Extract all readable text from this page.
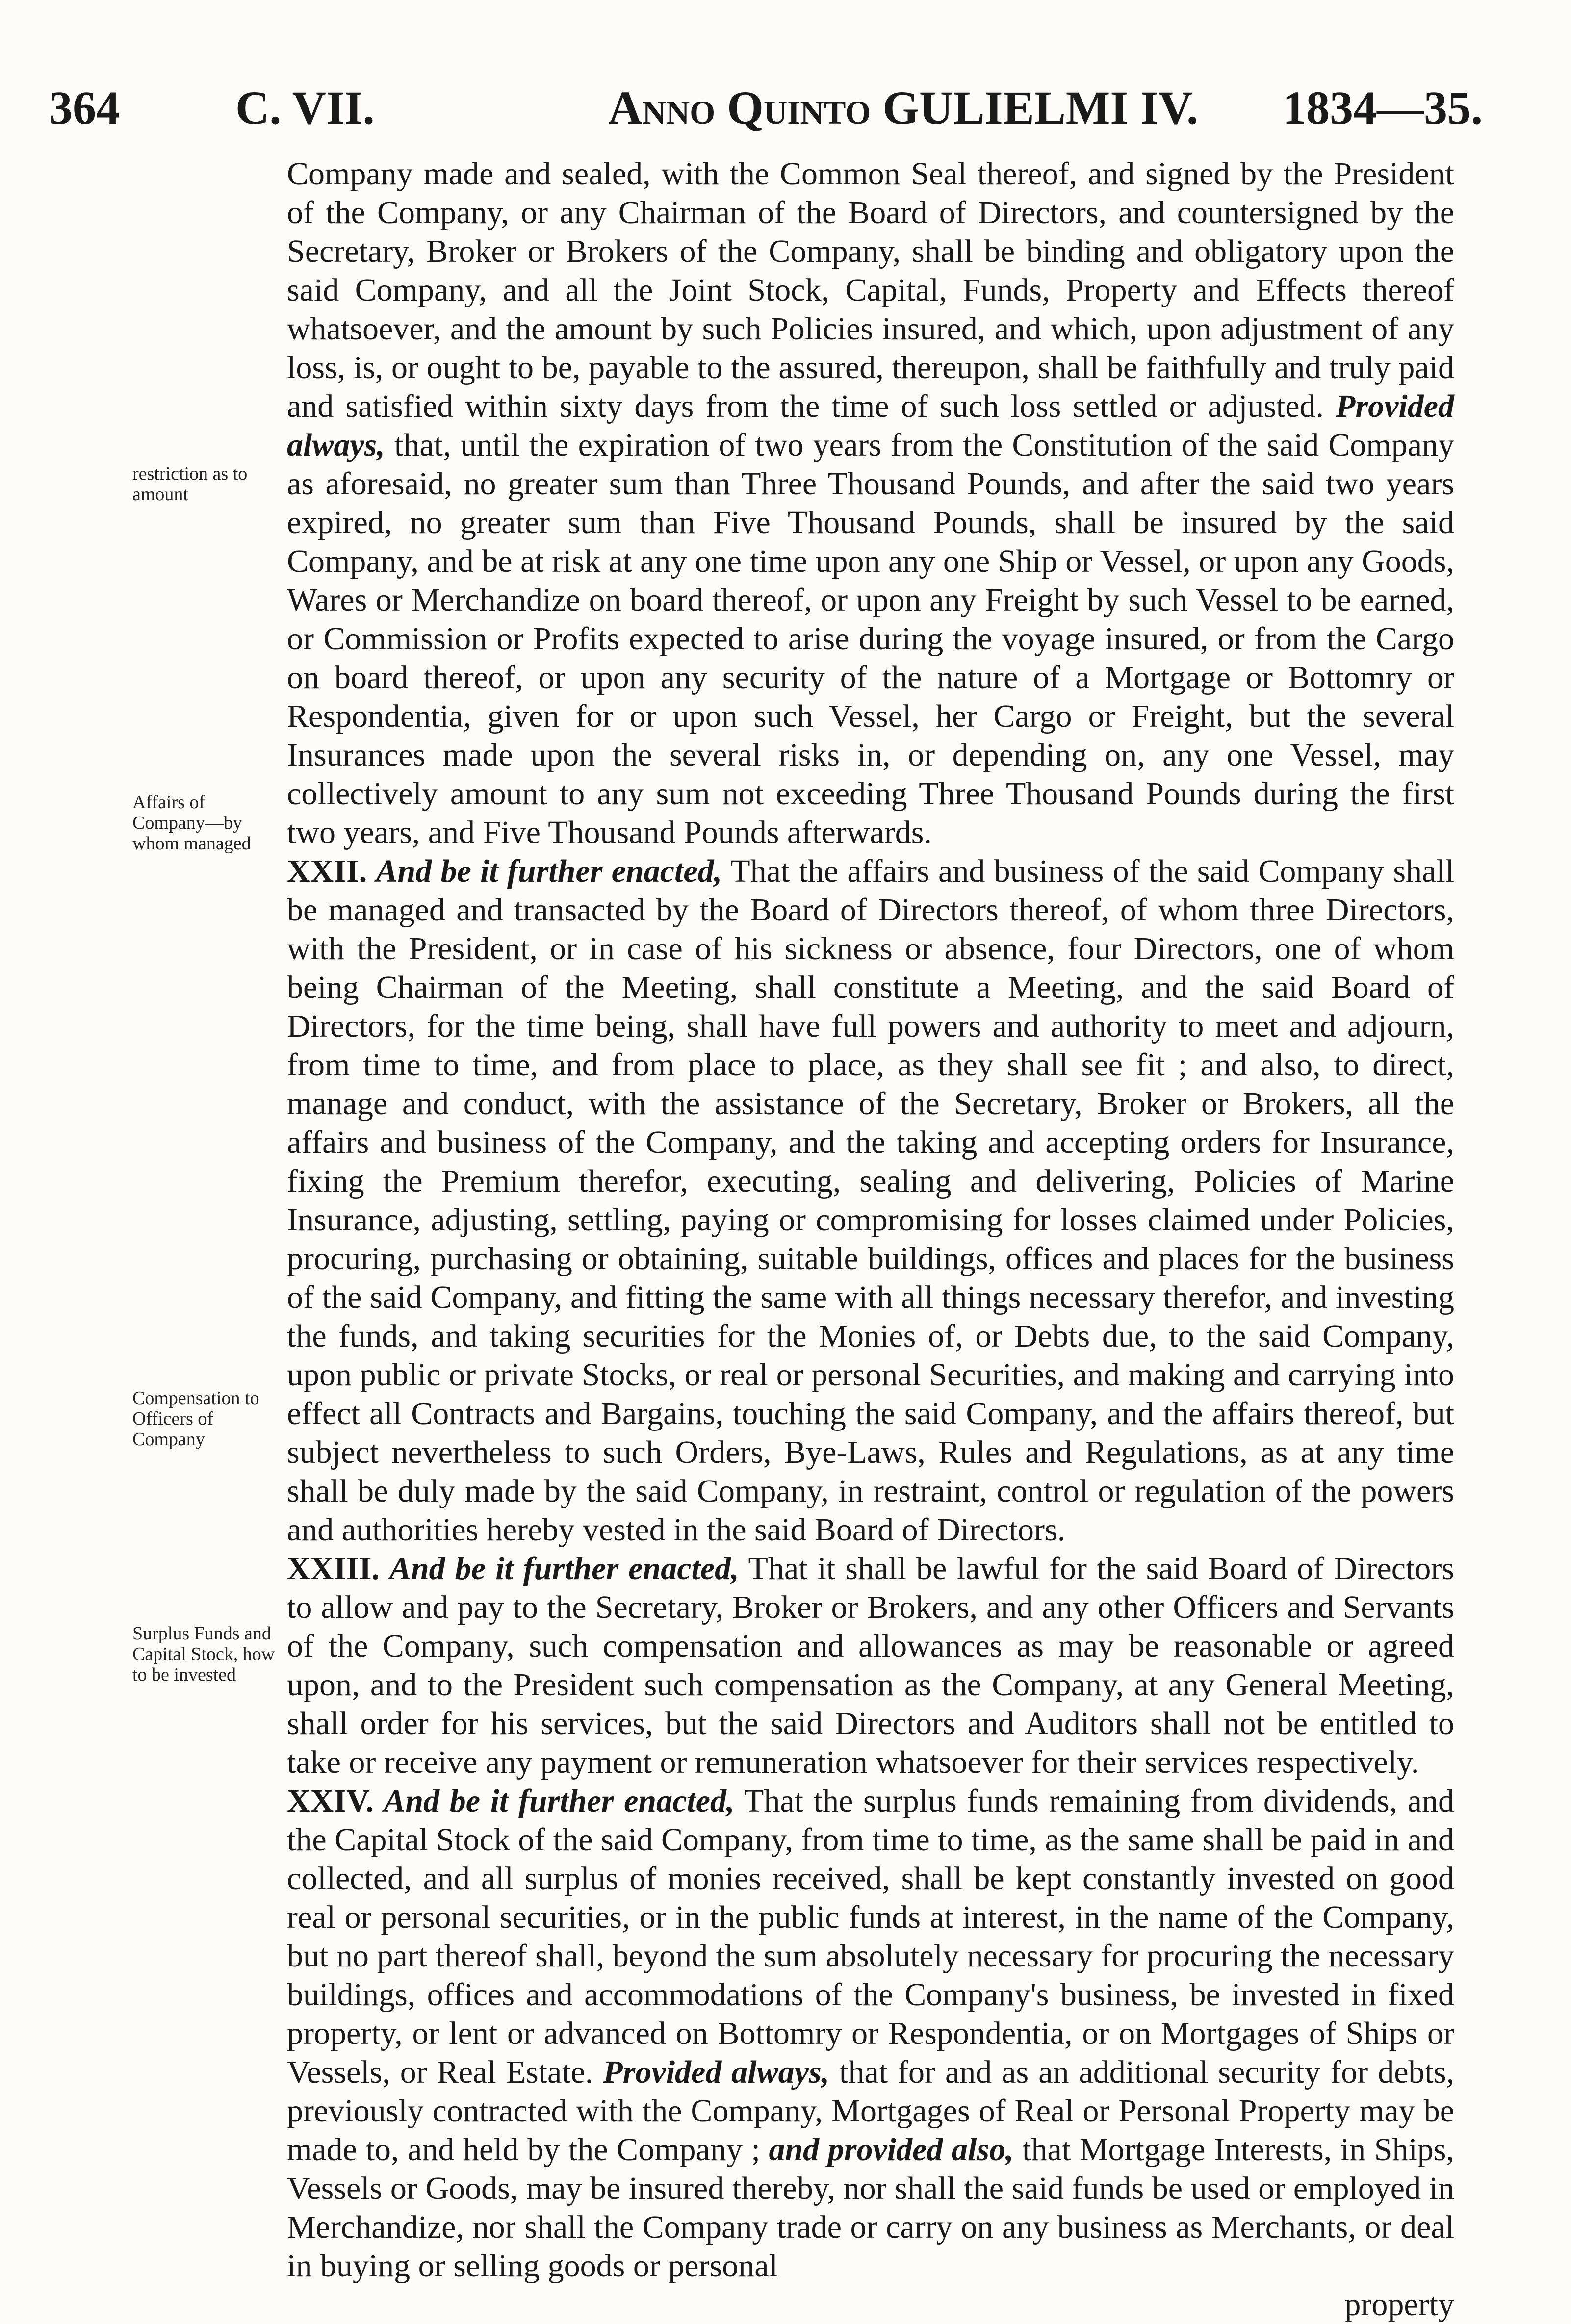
364 C. VII.	Anno Quinto GULIELMI IV. 1834—35.
restriction as to amount
Affairs of Company—by whom managed
Compensation to Officers of Company
Surplus Funds and Capital Stock, how to be invested

Company made and sealed, with the Common Seal thereof, and signed by the President of the Company, or any Chairman of the Board of Directors, and countersigned by the Secretary, Broker or Brokers of the Company, shall be binding and obligatory upon the said Company, and all the Joint Stock, Capital, Funds, Property and Effects thereof whatsoever, and the amount by such Policies insured, and which, upon adjustment of any loss, is, or ought to be, payable to the assured, thereupon, shall be faithfully and truly paid and satisfied within sixty days from the time of such loss settled or adjusted. Provided always, that, until the expiration of two years from the Constitution of the said Company as aforesaid, no greater sum than Three Thousand Pounds, and after the said two years expired, no greater sum than Five Thousand Pounds, shall be insured by the said Company, and be at risk at any one time upon any one Ship or Vessel, or upon any Goods, Wares or Merchandize on board thereof, or upon any Freight by such Vessel to be earned, or Commission or Profits expected to arise during the voyage insured, or from the Cargo on board thereof, or upon any security of the nature of a Mortgage or Bottomry or Respondentia, given for or upon such Vessel, her Cargo or Freight, but the several Insurances made upon the several risks in, or depending on, any one Vessel, may collectively amount to any sum not exceeding Three Thousand Pounds during the first two years, and Five Thousand Pounds afterwards.

XXII. And be it further enacted, That the affairs and business of the said Company shall be managed and transacted by the Board of Directors thereof, of whom three Directors, with the President, or in case of his sickness or absence, four Directors, one of whom being Chairman of the Meeting, shall constitute a Meeting, and the said Board of Directors, for the time being, shall have full powers and authority to meet and adjourn, from time to time, and from place to place, as they shall see fit ; and also, to direct, manage and conduct, with the assistance of the Secretary, Broker or Brokers, all the affairs and business of the Company, and the taking and accepting orders for Insurance, fixing the Premium therefor, executing, sealing and delivering, Policies of Marine Insurance, adjusting, settling, paying or compromising for losses claimed under Policies, procuring, purchasing or obtaining, suitable buildings, offices and places for the business of the said Company, and fitting the same with all things necessary therefor, and investing the funds, and taking securities for the Monies of, or Debts due, to the said Company, upon public or private Stocks, or real or personal Securities, and making and carrying into effect all Contracts and Bargains, touching the said Company, and the affairs thereof, but subject nevertheless to such Orders, Bye-Laws, Rules and Regulations, as at any time shall be duly made by the said Company, in restraint, control or regulation of the powers and authorities hereby vested in the said Board of Directors.

XXIII. And be it further enacted, That it shall be lawful for the said Board of Directors to allow and pay to the Secretary, Broker or Brokers, and any other Officers and Servants of the Company, such compensation and allowances as may be reasonable or agreed upon, and to the President such compensation as the Company, at any General Meeting, shall order for his services, but the said Directors and Auditors shall not be entitled to take or receive any payment or remuneration whatsoever for their services respectively.

XXIV. And be it further enacted, That the surplus funds remaining from dividends, and the Capital Stock of the said Company, from time to time, as the same shall be paid in and collected, and all surplus of monies received, shall be kept constantly invested on good real or personal securities, or in the public funds at interest, in the name of the Company, but no part thereof shall, beyond the sum absolutely necessary for procuring the necessary buildings, offices and accommodations of the Company's business, be invested in fixed property, or lent or advanced on Bottomry or Respondentia, or on Mortgages of Ships or Vessels, or Real Estate. Provided always, that for and as an additional security for debts, previously contracted with the Company, Mortgages of Real or Personal Property may be made to, and held by the Company ; and provided also, that Mortgage Interests, in Ships, Vessels or Goods, may be insured thereby, nor shall the said funds be used or employed in Merchandize, nor shall the Company trade or carry on any business as Merchants, or deal in buying or selling goods or personal

property
